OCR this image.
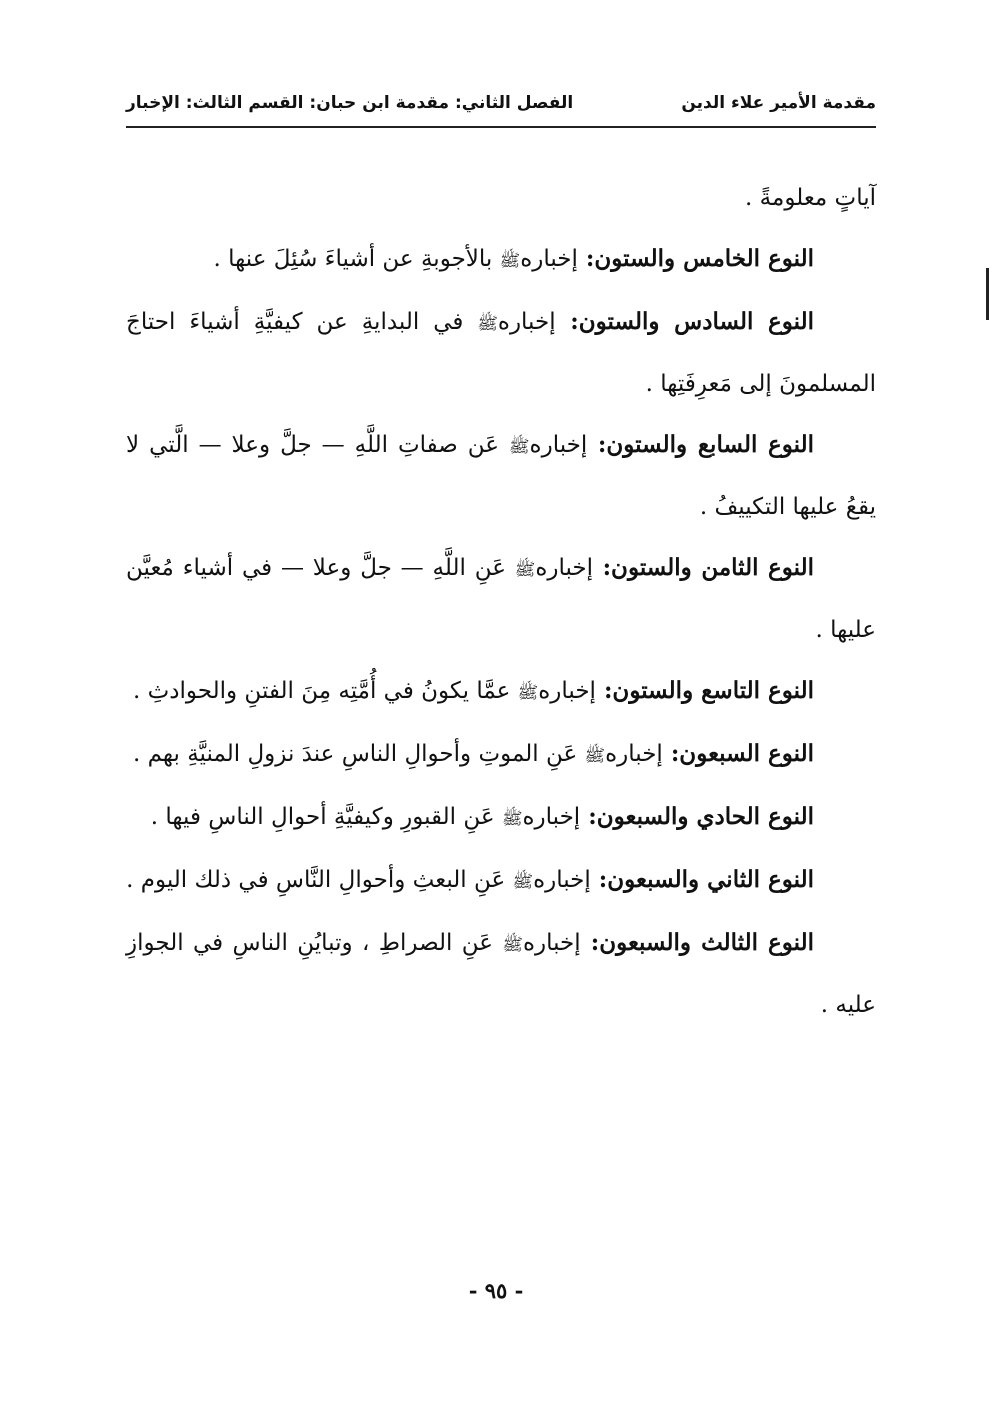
مقدمة الأمير علاء الدين
الفصل الثاني: مقدمة ابن حبان: القسم الثالث: الإخبار

آياتٍ معلومةً .

النوع الخامس والستون: إخبارهﷺ بالأجوبةِ عن أشياءَ سُئِلَ عنها .

النوع السادس والستون: إخبارهﷺ في البدايةِ عن كيفيَّةِ أشياءَ احتاجَ المسلمونَ إلى مَعرِفَتِها .

النوع السابع والستون: إخبارهﷺ عَن صفاتِ اللَّهِ — جلَّ وعلا — الَّتي لا يقعُ عليها التكييفُ .

النوع الثامن والستون: إخبارهﷺ عَنِ اللَّهِ — جلَّ وعلا — في أشياء مُعيَّن عليها .

النوع التاسع والستون: إخبارهﷺ عمَّا يكونُ في أُمَّتِه مِنَ الفتنِ والحوادثِ .

النوع السبعون: إخبارهﷺ عَنِ الموتِ وأحوالِ الناسِ عندَ نزولِ المنيَّةِ بهم .

النوع الحادي والسبعون: إخبارهﷺ عَنِ القبورِ وكيفيَّةِ أحوالِ الناسِ فيها .

النوع الثاني والسبعون: إخبارهﷺ عَنِ البعثِ وأحوالِ النَّاسِ في ذلك اليوم .

النوع الثالث والسبعون: إخبارهﷺ عَنِ الصراطِ ، وتبايُنِ الناسِ في الجوازِ عليه .

- ٩٥ -
